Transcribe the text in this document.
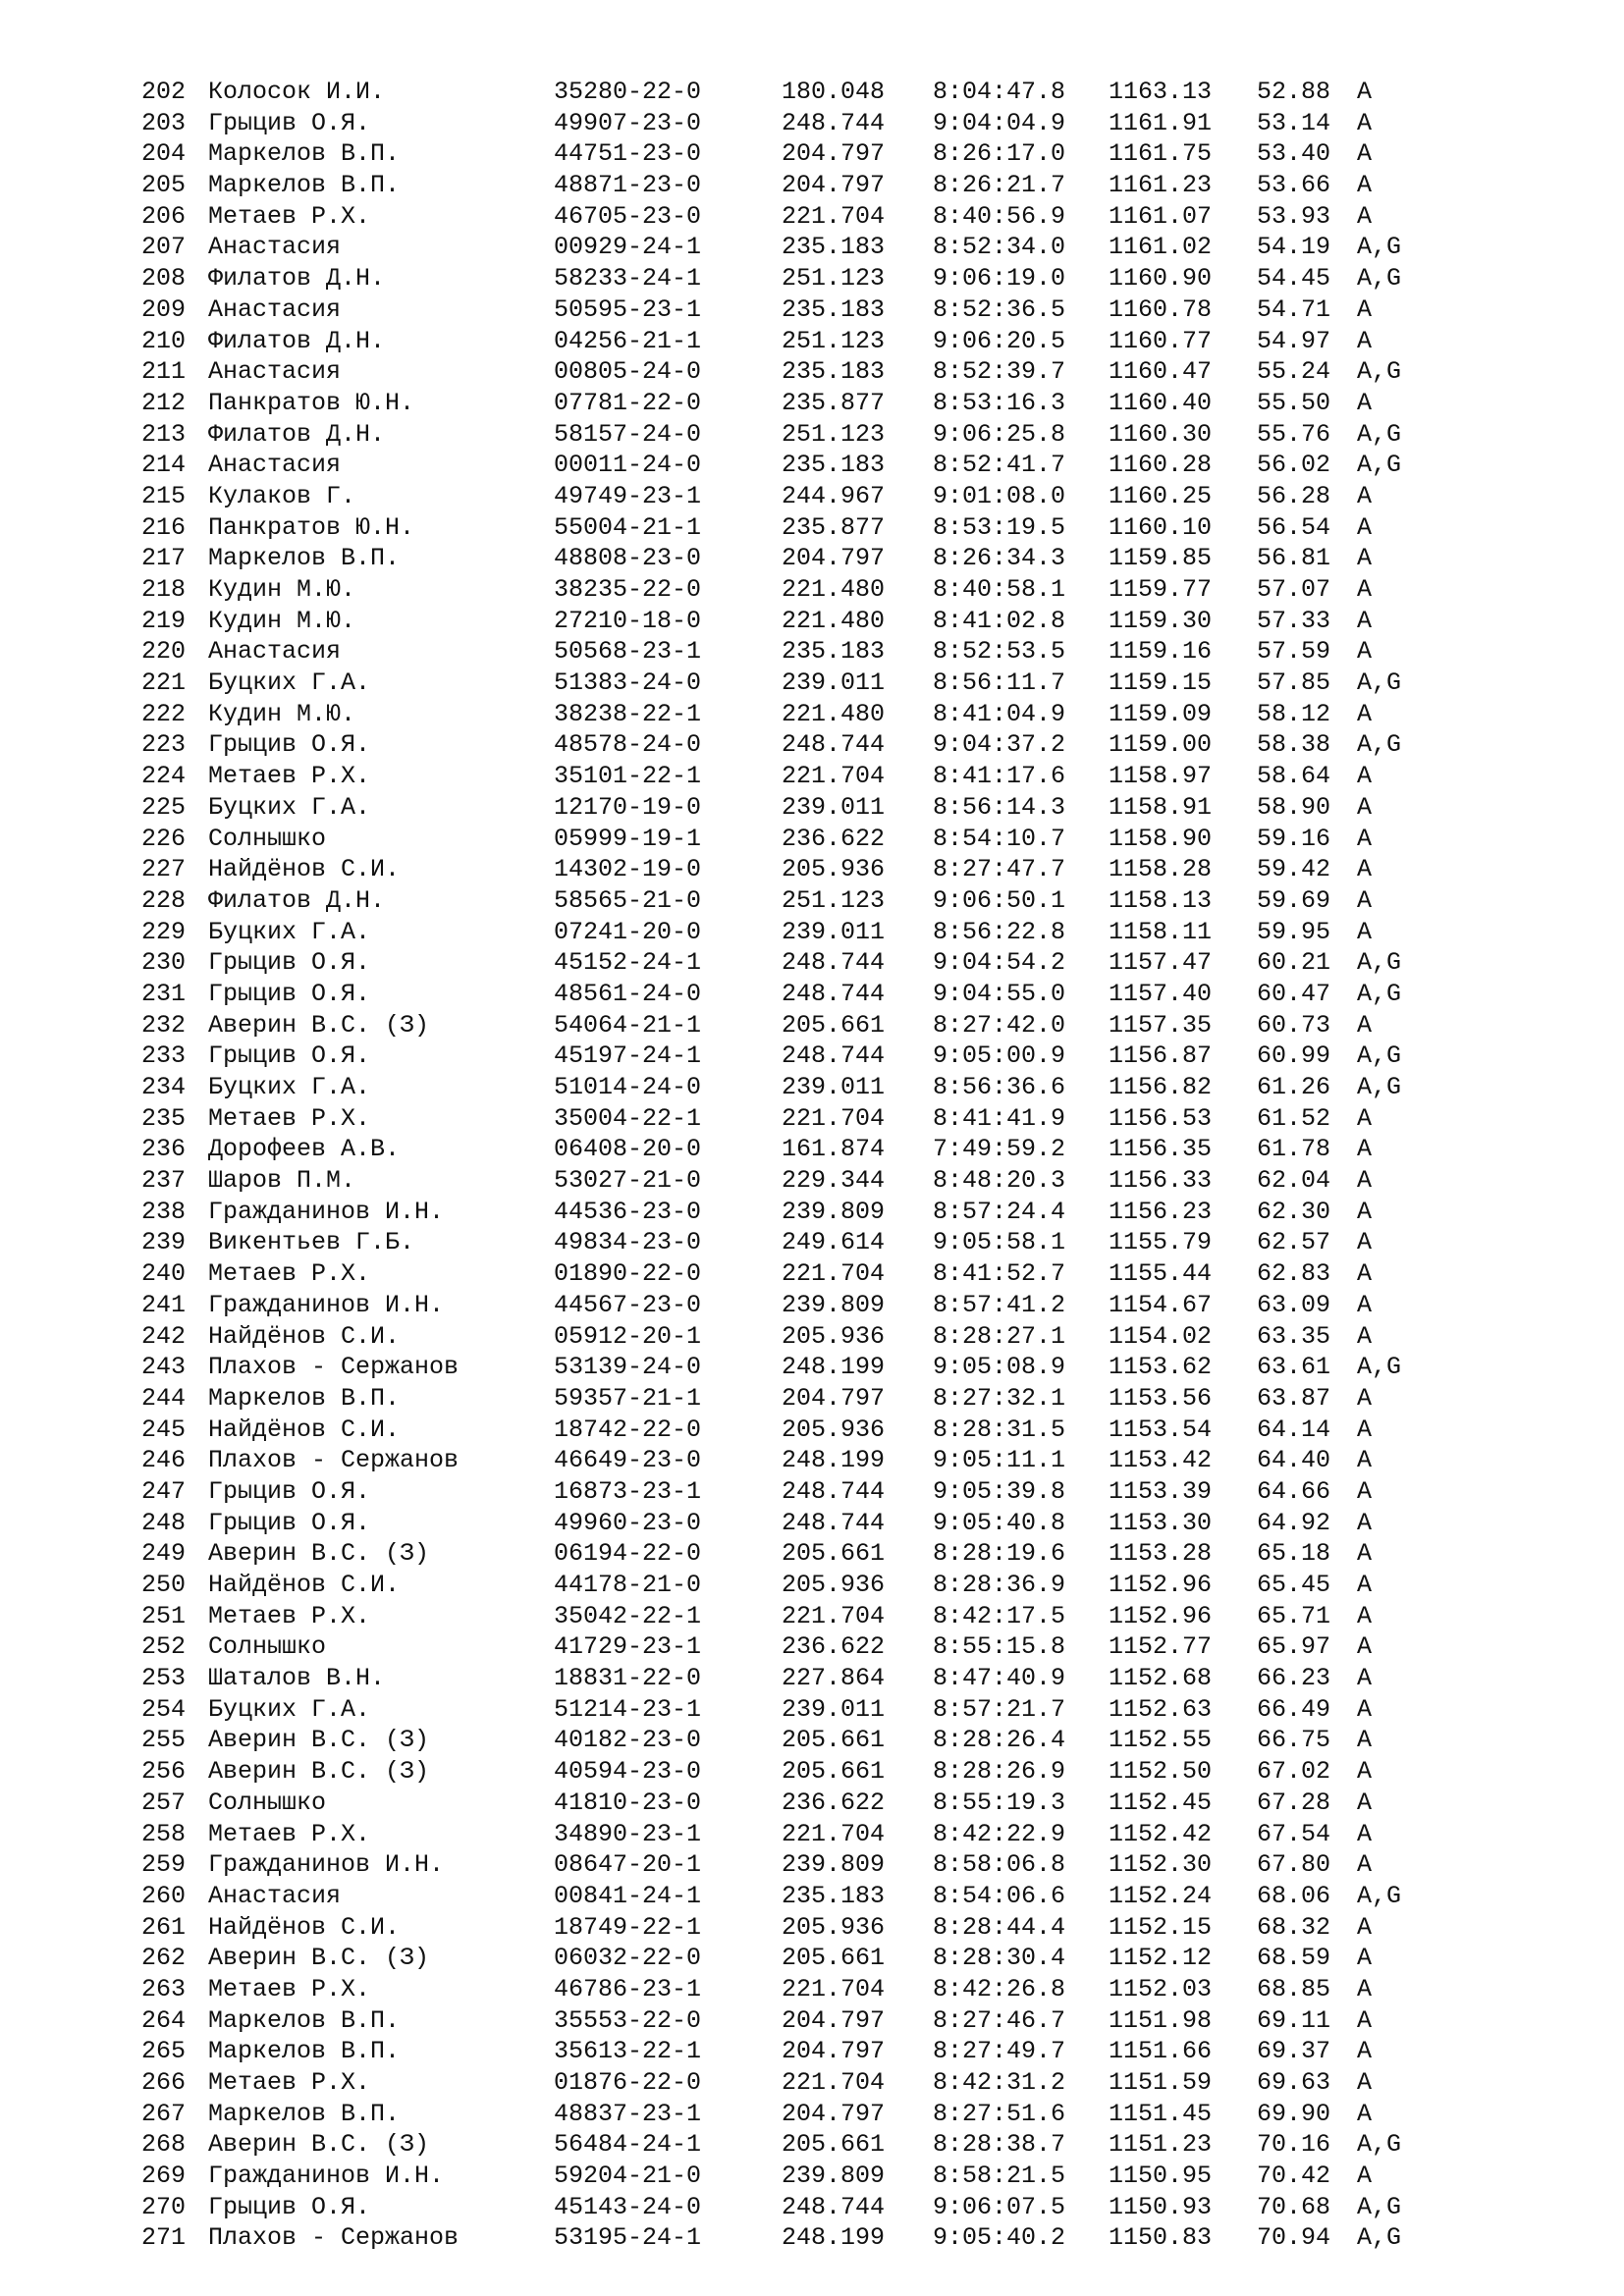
202 Колосок И.И.	35280-22-0	180.048 8:04:47.8 1163.13 52.88 A
203 Грыцив О.Я.	49907-23-0	248.744 9:04:04.9 1161.91 53.14 A
204 Маркелов В.П.	44751-23-0	204.797 8:26:17.0 1161.75 53.40 A
205 Маркелов В.П.	48871-23-0	204.797 8:26:21.7 1161.23 53.66 A
206 Метаев Р.Х.	46705-23-0	221.704 8:40:56.9 1161.07 53.93 A
207 Анастасия	00929-24-1	235.183 8:52:34.0 1161.02 54.19 A,G
208 Филатов Д.Н.	58233-24-1	251.123 9:06:19.0 1160.90 54.45 A,G
209 Анастасия	50595-23-1	235.183 8:52:36.5 1160.78 54.71 A
210 Филатов Д.Н.	04256-21-1	251.123 9:06:20.5 1160.77 54.97 A
211 Анастасия	00805-24-0	235.183 8:52:39.7 1160.47 55.24 A,G
212 Панкратов Ю.Н.	07781-22-0	235.877 8:53:16.3 1160.40 55.50 A
213 Филатов Д.Н.	58157-24-0	251.123 9:06:25.8 1160.30 55.76 A,G
214 Анастасия	00011-24-0	235.183 8:52:41.7 1160.28 56.02 A,G
215 Кулаков Г.	49749-23-1	244.967 9:01:08.0 1160.25 56.28 A
216 Панкратов Ю.Н.	55004-21-1	235.877 8:53:19.5 1160.10 56.54 A
217 Маркелов В.П.	48808-23-0	204.797 8:26:34.3 1159.85 56.81 A
218 Кудин М.Ю.	38235-22-0	221.480 8:40:58.1 1159.77 57.07 A
219 Кудин М.Ю.	27210-18-0	221.480 8:41:02.8 1159.30 57.33 A
220 Анастасия	50568-23-1	235.183 8:52:53.5 1159.16 57.59 A
221 Буцких Г.А.	51383-24-0	239.011 8:56:11.7 1159.15 57.85 A,G
222 Кудин М.Ю.	38238-22-1	221.480 8:41:04.9 1159.09 58.12 A
223 Грыцив О.Я.	48578-24-0	248.744 9:04:37.2 1159.00 58.38 A,G
224 Метаев Р.Х.	35101-22-1	221.704 8:41:17.6 1158.97 58.64 A
225 Буцких Г.А.	12170-19-0	239.011 8:56:14.3 1158.91 58.90 A
226 Солнышко	05999-19-1	236.622 8:54:10.7 1158.90 59.16 A
227 Найдёнов С.И.	14302-19-0	205.936 8:27:47.7 1158.28 59.42 A
228 Филатов Д.Н.	58565-21-0	251.123 9:06:50.1 1158.13 59.69 A
229 Буцких Г.А.	07241-20-0	239.011 8:56:22.8 1158.11 59.95 A
230 Грыцив О.Я.	45152-24-1	248.744 9:04:54.2 1157.47 60.21 A,G
231 Грыцив О.Я.	48561-24-0	248.744 9:04:55.0 1157.40 60.47 A,G
232 Аверин В.С. (З)	54064-21-1	205.661 8:27:42.0 1157.35 60.73 A
233 Грыцив О.Я.	45197-24-1	248.744 9:05:00.9 1156.87 60.99 A,G
234 Буцких Г.А.	51014-24-0	239.011 8:56:36.6 1156.82 61.26 A,G
235 Метаев Р.Х.	35004-22-1	221.704 8:41:41.9 1156.53 61.52 A
236 Дорофеев А.В.	06408-20-0	161.874 7:49:59.2 1156.35 61.78 A
237 Шаров П.М.	53027-21-0	229.344 8:48:20.3 1156.33 62.04 A
238 Гражданинов И.Н.	44536-23-0	239.809 8:57:24.4 1156.23 62.30 A
239 Викентьев Г.Б.	49834-23-0	249.614 9:05:58.1 1155.79 62.57 A
240 Метаев Р.Х.	01890-22-0	221.704 8:41:52.7 1155.44 62.83 A
241 Гражданинов И.Н.	44567-23-0	239.809 8:57:41.2 1154.67 63.09 A
242 Найдёнов С.И.	05912-20-1	205.936 8:28:27.1 1154.02 63.35 A
243 Плахов - Сержанов	53139-24-0	248.199 9:05:08.9 1153.62 63.61 A,G
244 Маркелов В.П.	59357-21-1	204.797 8:27:32.1 1153.56 63.87 A
245 Найдёнов С.И.	18742-22-0	205.936 8:28:31.5 1153.54 64.14 A
246 Плахов - Сержанов	46649-23-0	248.199 9:05:11.1 1153.42 64.40 A
247 Грыцив О.Я.	16873-23-1	248.744 9:05:39.8 1153.39 64.66 A
248 Грыцив О.Я.	49960-23-0	248.744 9:05:40.8 1153.30 64.92 A
249 Аверин В.С. (З)	06194-22-0	205.661 8:28:19.6 1153.28 65.18 A
250 Найдёнов С.И.	44178-21-0	205.936 8:28:36.9 1152.96 65.45 A
251 Метаев Р.Х.	35042-22-1	221.704 8:42:17.5 1152.96 65.71 A
252 Солнышко	41729-23-1	236.622 8:55:15.8 1152.77 65.97 A
253 Шаталов В.Н.	18831-22-0	227.864 8:47:40.9 1152.68 66.23 A
254 Буцких Г.А.	51214-23-1	239.011 8:57:21.7 1152.63 66.49 A
255 Аверин В.С. (З)	40182-23-0	205.661 8:28:26.4 1152.55 66.75 A
256 Аверин В.С. (З)	40594-23-0	205.661 8:28:26.9 1152.50 67.02 A
257 Солнышко	41810-23-0	236.622 8:55:19.3 1152.45 67.28 A
258 Метаев Р.Х.	34890-23-1	221.704 8:42:22.9 1152.42 67.54 A
259 Гражданинов И.Н.	08647-20-1	239.809 8:58:06.8 1152.30 67.80 A
260 Анастасия	00841-24-1	235.183 8:54:06.6 1152.24 68.06 A,G
261 Найдёнов С.И.	18749-22-1	205.936 8:28:44.4 1152.15 68.32 A
262 Аверин В.С. (З)	06032-22-0	205.661 8:28:30.4 1152.12 68.59 A
263 Метаев Р.Х.	46786-23-1	221.704 8:42:26.8 1152.03 68.85 A
264 Маркелов В.П.	35553-22-0	204.797 8:27:46.7 1151.98 69.11 A
265 Маркелов В.П.	35613-22-1	204.797 8:27:49.7 1151.66 69.37 A
266 Метаев Р.Х.	01876-22-0	221.704 8:42:31.2 1151.59 69.63 A
267 Маркелов В.П.	48837-23-1	204.797 8:27:51.6 1151.45 69.90 A
268 Аверин В.С. (З)	56484-24-1	205.661 8:28:38.7 1151.23 70.16 A,G
269 Гражданинов И.Н.	59204-21-0	239.809 8:58:21.5 1150.95 70.42 A
270 Грыцив О.Я.	45143-24-0	248.744 9:06:07.5 1150.93 70.68 A,G
271 Плахов - Сержанов	53195-24-1	248.199 9:05:40.2 1150.83 70.94 A,G
